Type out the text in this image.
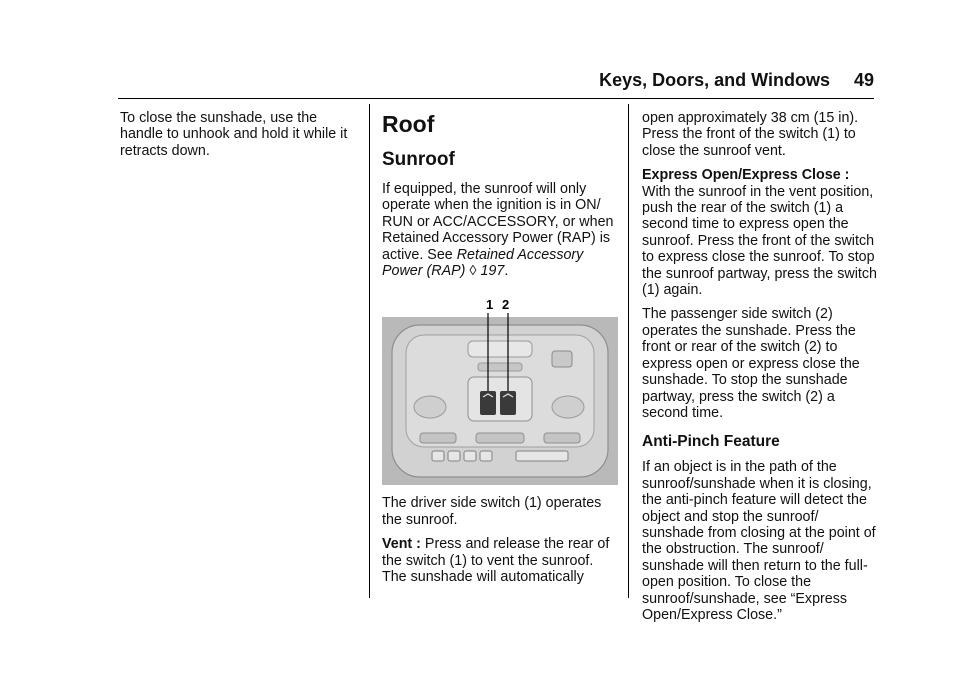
Keys, Doors, and Windows 49

To close the sunshade, use the handle to unhook and hold it while it retracts down.

Roof
Sunroof

If equipped, the sunroof will only operate when the ignition is in ON/ RUN or ACC/ACCESSORY, or when Retained Accessory Power (RAP) is active. See Retained Accessory Power (RAP) ◊ 197.

1 2

The driver side switch (1) operates the sunroof.

Vent : Press and release the rear of the switch (1) to vent the sunroof. The sunshade will automatically

open approximately 38 cm (15 in). Press the front of the switch (1) to close the sunroof vent.

Express Open/Express Close :
With the sunroof in the vent position, push the rear of the switch (1) a second time to express open the sunroof. Press the front of the switch to express close the sunroof. To stop the sunroof partway, press the switch (1) again.

The passenger side switch (2) operates the sunshade. Press the front or rear of the switch (2) to express open or express close the sunshade. To stop the sunshade partway, press the switch (2) a second time.

Anti-Pinch Feature

If an object is in the path of the sunroof/sunshade when it is closing, the anti-pinch feature will detect the object and stop the sunroof/ sunshade from closing at the point of the obstruction. The sunroof/ sunshade will then return to the full-open position. To close the sunroof/sunshade, see “Express Open/Express Close.”
